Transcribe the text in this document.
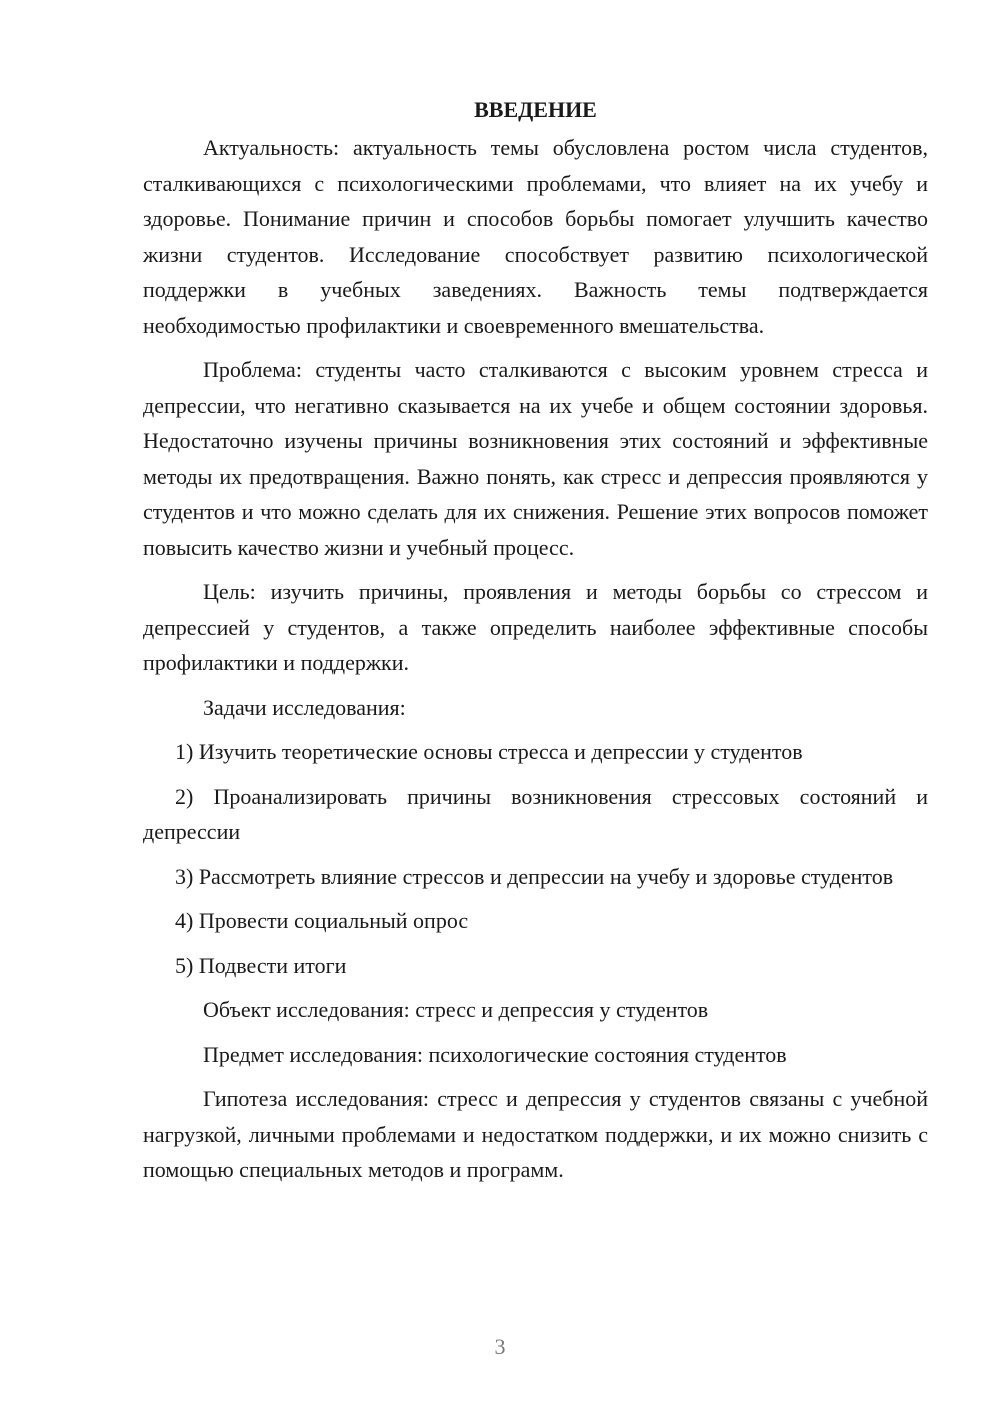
ВВЕДЕНИЕ

Актуальность: актуальность темы обусловлена ростом числа студентов, сталкивающихся с психологическими проблемами, что влияет на их учебу и здоровье. Понимание причин и способов борьбы помогает улучшить качество жизни студентов. Исследование способствует развитию психологической поддержки в учебных заведениях. Важность темы подтверждается необходимостью профилактики и своевременного вмешательства.

Проблема: студенты часто сталкиваются с высоким уровнем стресса и депрессии, что негативно сказывается на их учебе и общем состоянии здоровья. Недостаточно изучены причины возникновения этих состояний и эффективные методы их предотвращения. Важно понять, как стресс и депрессия проявляются у студентов и что можно сделать для их снижения. Решение этих вопросов поможет повысить качество жизни и учебный процесс.

Цель: изучить причины, проявления и методы борьбы со стрессом и депрессией у студентов, а также определить наиболее эффективные способы профилактики и поддержки.

Задачи исследования:

1) Изучить теоретические основы стресса и депрессии у студентов

2) Проанализировать причины возникновения стрессовых состояний и депрессии

3) Рассмотреть влияние стрессов и депрессии на учебу и здоровье студентов

4) Провести социальный опрос

5) Подвести итоги

Объект исследования: стресс и депрессия у студентов

Предмет исследования: психологические состояния студентов

Гипотеза исследования: стресс и депрессия у студентов связаны с учебной нагрузкой, личными проблемами и недостатком поддержки, и их можно снизить с помощью специальных методов и программ.

3
